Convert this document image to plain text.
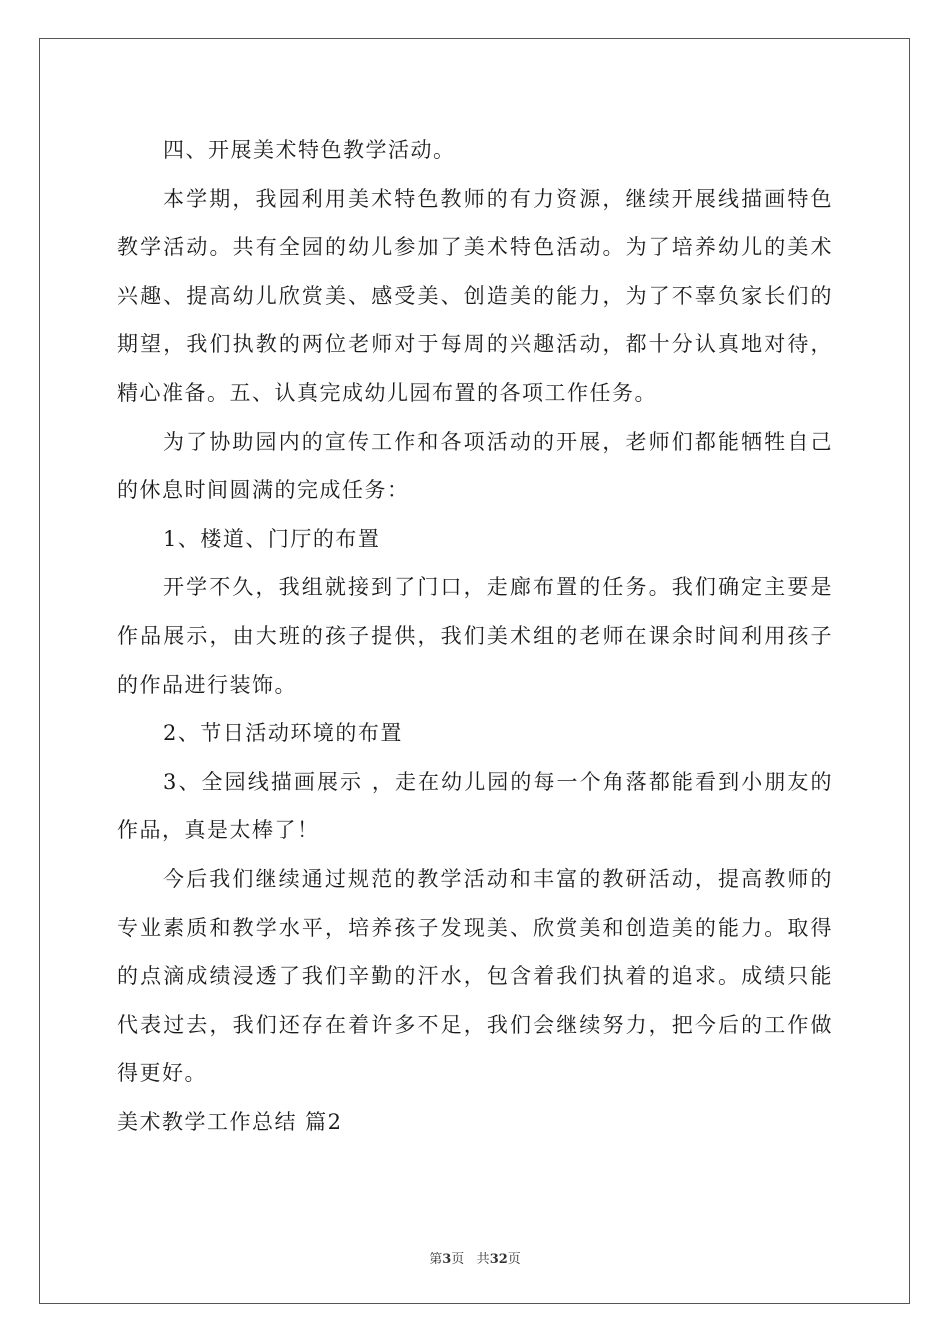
四、开展美术特色教学活动。

本学期，我园利用美术特色教师的有力资源，继续开展线描画特色教学活动。共有全园的幼儿参加了美术特色活动。为了培养幼儿的美术兴趣、提高幼儿欣赏美、感受美、创造美的能力，为了不辜负家长们的期望，我们执教的两位老师对于每周的兴趣活动，都十分认真地对待，精心准备。五、认真完成幼儿园布置的各项工作任务。

为了协助园内的宣传工作和各项活动的开展，老师们都能牺牲自己的休息时间圆满的完成任务：

1、楼道、门厅的布置

开学不久，我组就接到了门口，走廊布置的任务。我们确定主要是作品展示，由大班的孩子提供，我们美术组的老师在课余时间利用孩子的作品进行装饰。

2、节日活动环境的布置

3、全园线描画展示 ，走在幼儿园的每一个角落都能看到小朋友的作品，真是太棒了！

今后我们继续通过规范的教学活动和丰富的教研活动，提高教师的专业素质和教学水平，培养孩子发现美、欣赏美和创造美的能力。取得的点滴成绩浸透了我们辛勤的汗水，包含着我们执着的追求。成绩只能代表过去，我们还存在着许多不足，我们会继续努力，把今后的工作做得更好。

美术教学工作总结 篇2

第3页 共32页
